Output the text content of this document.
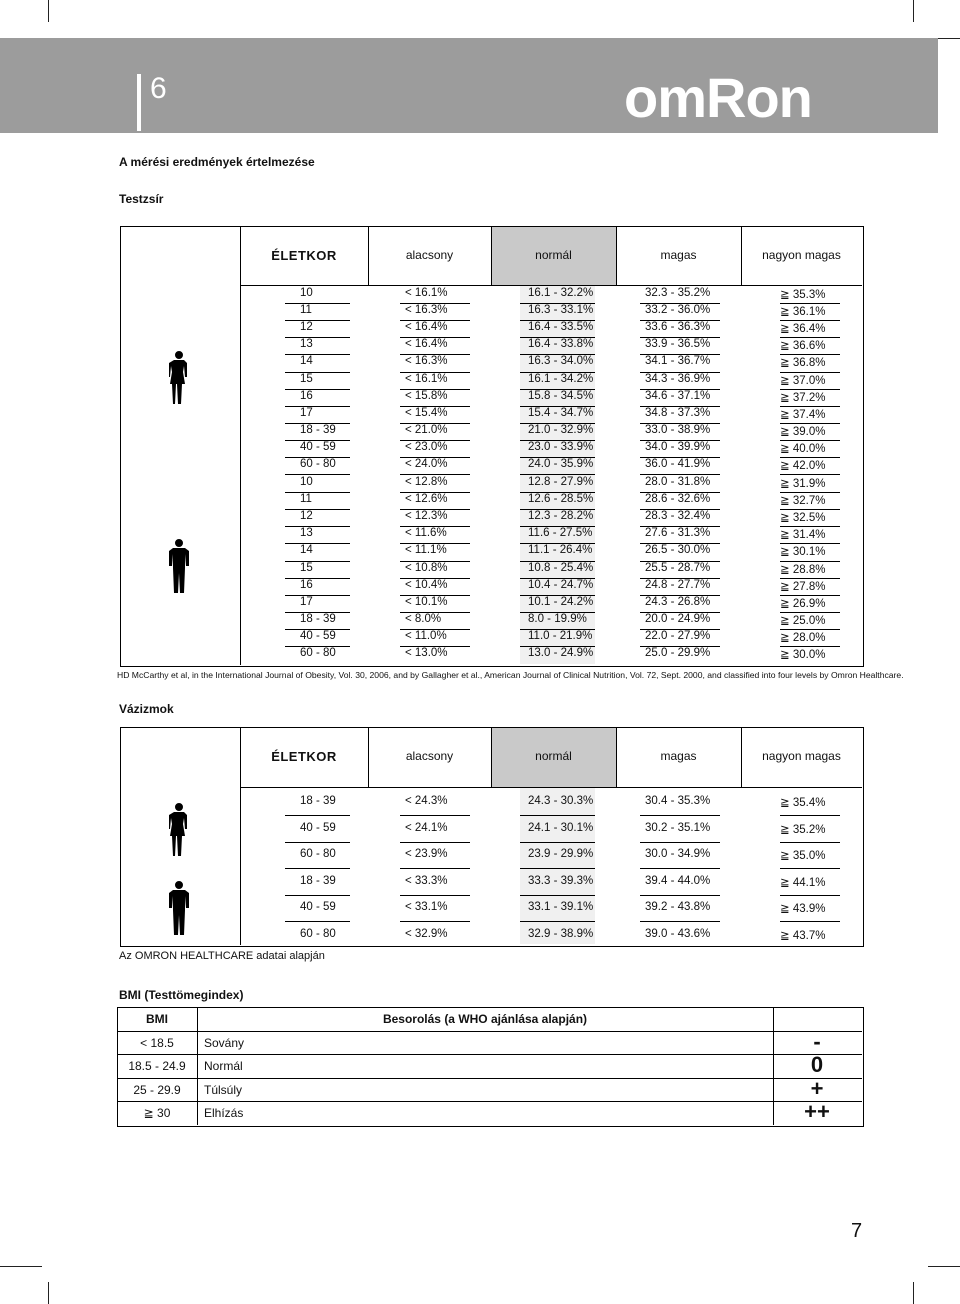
6	omRon
A mérési eredmények értelmezése
Testzsír
ÉLETKOR	alacsony	normál	magas	nagyon magas
10	< 16.1%	16.1 - 32.2%	32.3 - 35.2%	≧ 35.3%
11	< 16.3%	16.3 - 33.1%	33.2 - 36.0%	≧ 36.1%
12	< 16.4%	16.4 - 33.5%	33.6 - 36.3%	≧ 36.4%
13	< 16.4%	16.4 - 33.8%	33.9 - 36.5%	≧ 36.6%
14	< 16.3%	16.3 - 34.0%	34.1 - 36.7%	≧ 36.8%
15	< 16.1%	16.1 - 34.2%	34.3 - 36.9%	≧ 37.0%
16	< 15.8%	15.8 - 34.5%	34.6 - 37.1%	≧ 37.2%
17	< 15.4%	15.4 - 34.7%	34.8 - 37.3%	≧ 37.4%
18 - 39	< 21.0%	21.0 - 32.9%	33.0 - 38.9%	≧ 39.0%
40 - 59	< 23.0%	23.0 - 33.9%	34.0 - 39.9%	≧ 40.0%
60 - 80	< 24.0%	24.0 - 35.9%	36.0 - 41.9%	≧ 42.0%
10	< 12.8%	12.8 - 27.9%	28.0 - 31.8%	≧ 31.9%
11	< 12.6%	12.6 - 28.5%	28.6 - 32.6%	≧ 32.7%
12	< 12.3%	12.3 - 28.2%	28.3 - 32.4%	≧ 32.5%
13	< 11.6%	11.6 - 27.5%	27.6 - 31.3%	≧ 31.4%
14	< 11.1%	11.1 - 26.4%	26.5 - 30.0%	≧ 30.1%
15	< 10.8%	10.8 - 25.4%	25.5 - 28.7%	≧ 28.8%
16	< 10.4%	10.4 - 24.7%	24.8 - 27.7%	≧ 27.8%
17	< 10.1%	10.1 - 24.2%	24.3 - 26.8%	≧ 26.9%
18 - 39	< 8.0%	8.0 - 19.9%	20.0 - 24.9%	≧ 25.0%
40 - 59	< 11.0%	11.0 - 21.9%	22.0 - 27.9%	≧ 28.0%
60 - 80	< 13.0%	13.0 - 24.9%	25.0 - 29.9%	≧ 30.0%
HD McCarthy et al, in the International Journal of Obesity, Vol. 30, 2006, and by Gallagher et al., American Journal of Clinical Nutrition, Vol. 72, Sept. 2000, and classified into four levels by Omron Healthcare.
Vázizmok
ÉLETKOR	alacsony	normál	magas	nagyon magas
18 - 39	< 24.3%	24.3 - 30.3%	30.4 - 35.3%	≧ 35.4%
40 - 59	< 24.1%	24.1 - 30.1%	30.2 - 35.1%	≧ 35.2%
60 - 80	< 23.9%	23.9 - 29.9%	30.0 - 34.9%	≧ 35.0%
18 - 39	< 33.3%	33.3 - 39.3%	39.4 - 44.0%	≧ 44.1%
40 - 59	< 33.1%	33.1 - 39.1%	39.2 - 43.8%	≧ 43.9%
60 - 80	< 32.9%	32.9 - 38.9%	39.0 - 43.6%	≧ 43.7%
Az OMRON HEALTHCARE adatai alapján
BMI (Testtömegindex)
BMI	Besorolás (a WHO ajánlása alapján)
< 18.5	Sovány	-
18.5 - 24.9	Normál	0
25 - 29.9	Túlsúly	+
≧ 30	Elhízás	++
7
